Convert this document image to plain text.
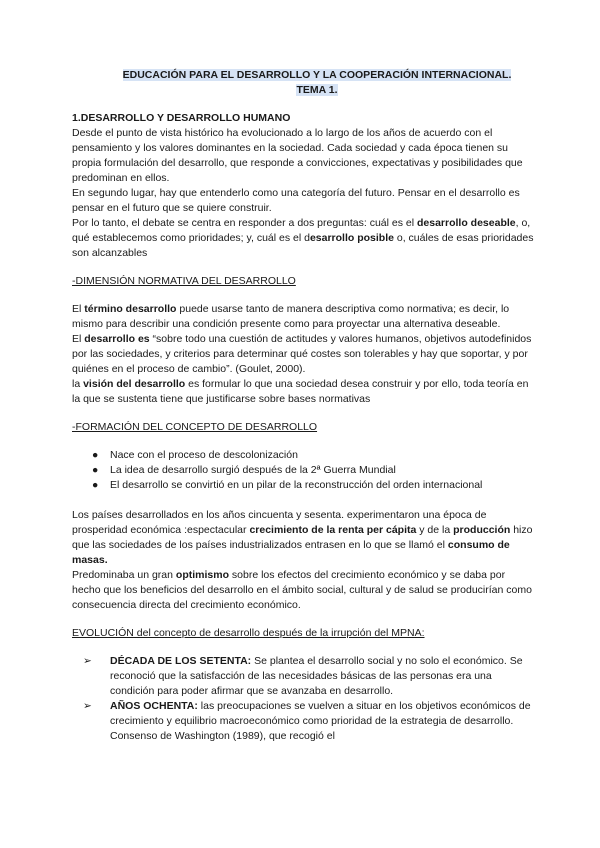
EDUCACIÓN PARA EL DESARROLLO Y LA COOPERACIÓN INTERNACIONAL.
TEMA 1.
1.DESARROLLO Y DESARROLLO HUMANO

Desde el punto de vista histórico ha evolucionado a lo largo de los años de acuerdo con el pensamiento y los valores dominantes en la sociedad. Cada sociedad y cada época tienen su propia formulación del desarrollo, que responde a convicciones, expectativas y posibilidades que predominan en ellos.

En segundo lugar, hay que entenderlo como una categoría del futuro. Pensar en el desarrollo es pensar en el futuro que se quiere construir.

Por lo tanto, el debate se centra en responder a dos preguntas: cuál es el desarrollo deseable, o, qué establecemos como prioridades; y, cuál es el desarrollo posible o, cuáles de esas prioridades son alcanzables

-DIMENSIÓN NORMATIVA DEL DESARROLLO

El término desarrollo puede usarse tanto de manera descriptiva como normativa; es decir, lo mismo para describir una condición presente como para proyectar una alternativa deseable.

El desarrollo es “sobre todo una cuestión de actitudes y valores humanos, objetivos autodefinidos por las sociedades, y criterios para determinar qué costes son tolerables y hay que soportar, y por quiénes en el proceso de cambio”. (Goulet, 2000).

la visión del desarrollo es formular lo que una sociedad desea construir y por ello, toda teoría en la que se sustenta tiene que justificarse sobre bases normativas

-FORMACIÓN DEL CONCEPTO DE DESARROLLO
● Nace con el proceso de descolonización
● La idea de desarrollo surgió después de la 2ª Guerra Mundial
● El desarrollo se convirtió en un pilar de la reconstrucción del orden internacional

Los países desarrollados en los años cincuenta y sesenta. experimentaron una época de prosperidad económica :espectacular crecimiento de la renta per cápita y de la producción hizo que las sociedades de los países industrializados entrasen en lo que se llamó el consumo de masas.

Predominaba un gran optimismo sobre los efectos del crecimiento económico y se daba por hecho que los beneficios del desarrollo en el ámbito social, cultural y de salud se producirían como consecuencia directa del crecimiento económico.

EVOLUCIÓN del concepto de desarrollo después de la irrupción del MPNA:
➢ DÉCADA DE LOS SETENTA: Se plantea el desarrollo social y no solo el económico. Se reconoció que la satisfacción de las necesidades básicas de las personas era una condición para poder afirmar que se avanzaba en desarrollo.
➢ AÑOS OCHENTA: las preocupaciones se vuelven a situar en los objetivos económicos de crecimiento y equilibrio macroeconómico como prioridad de la estrategia de desarrollo. Consenso de Washington (1989), que recogió el
